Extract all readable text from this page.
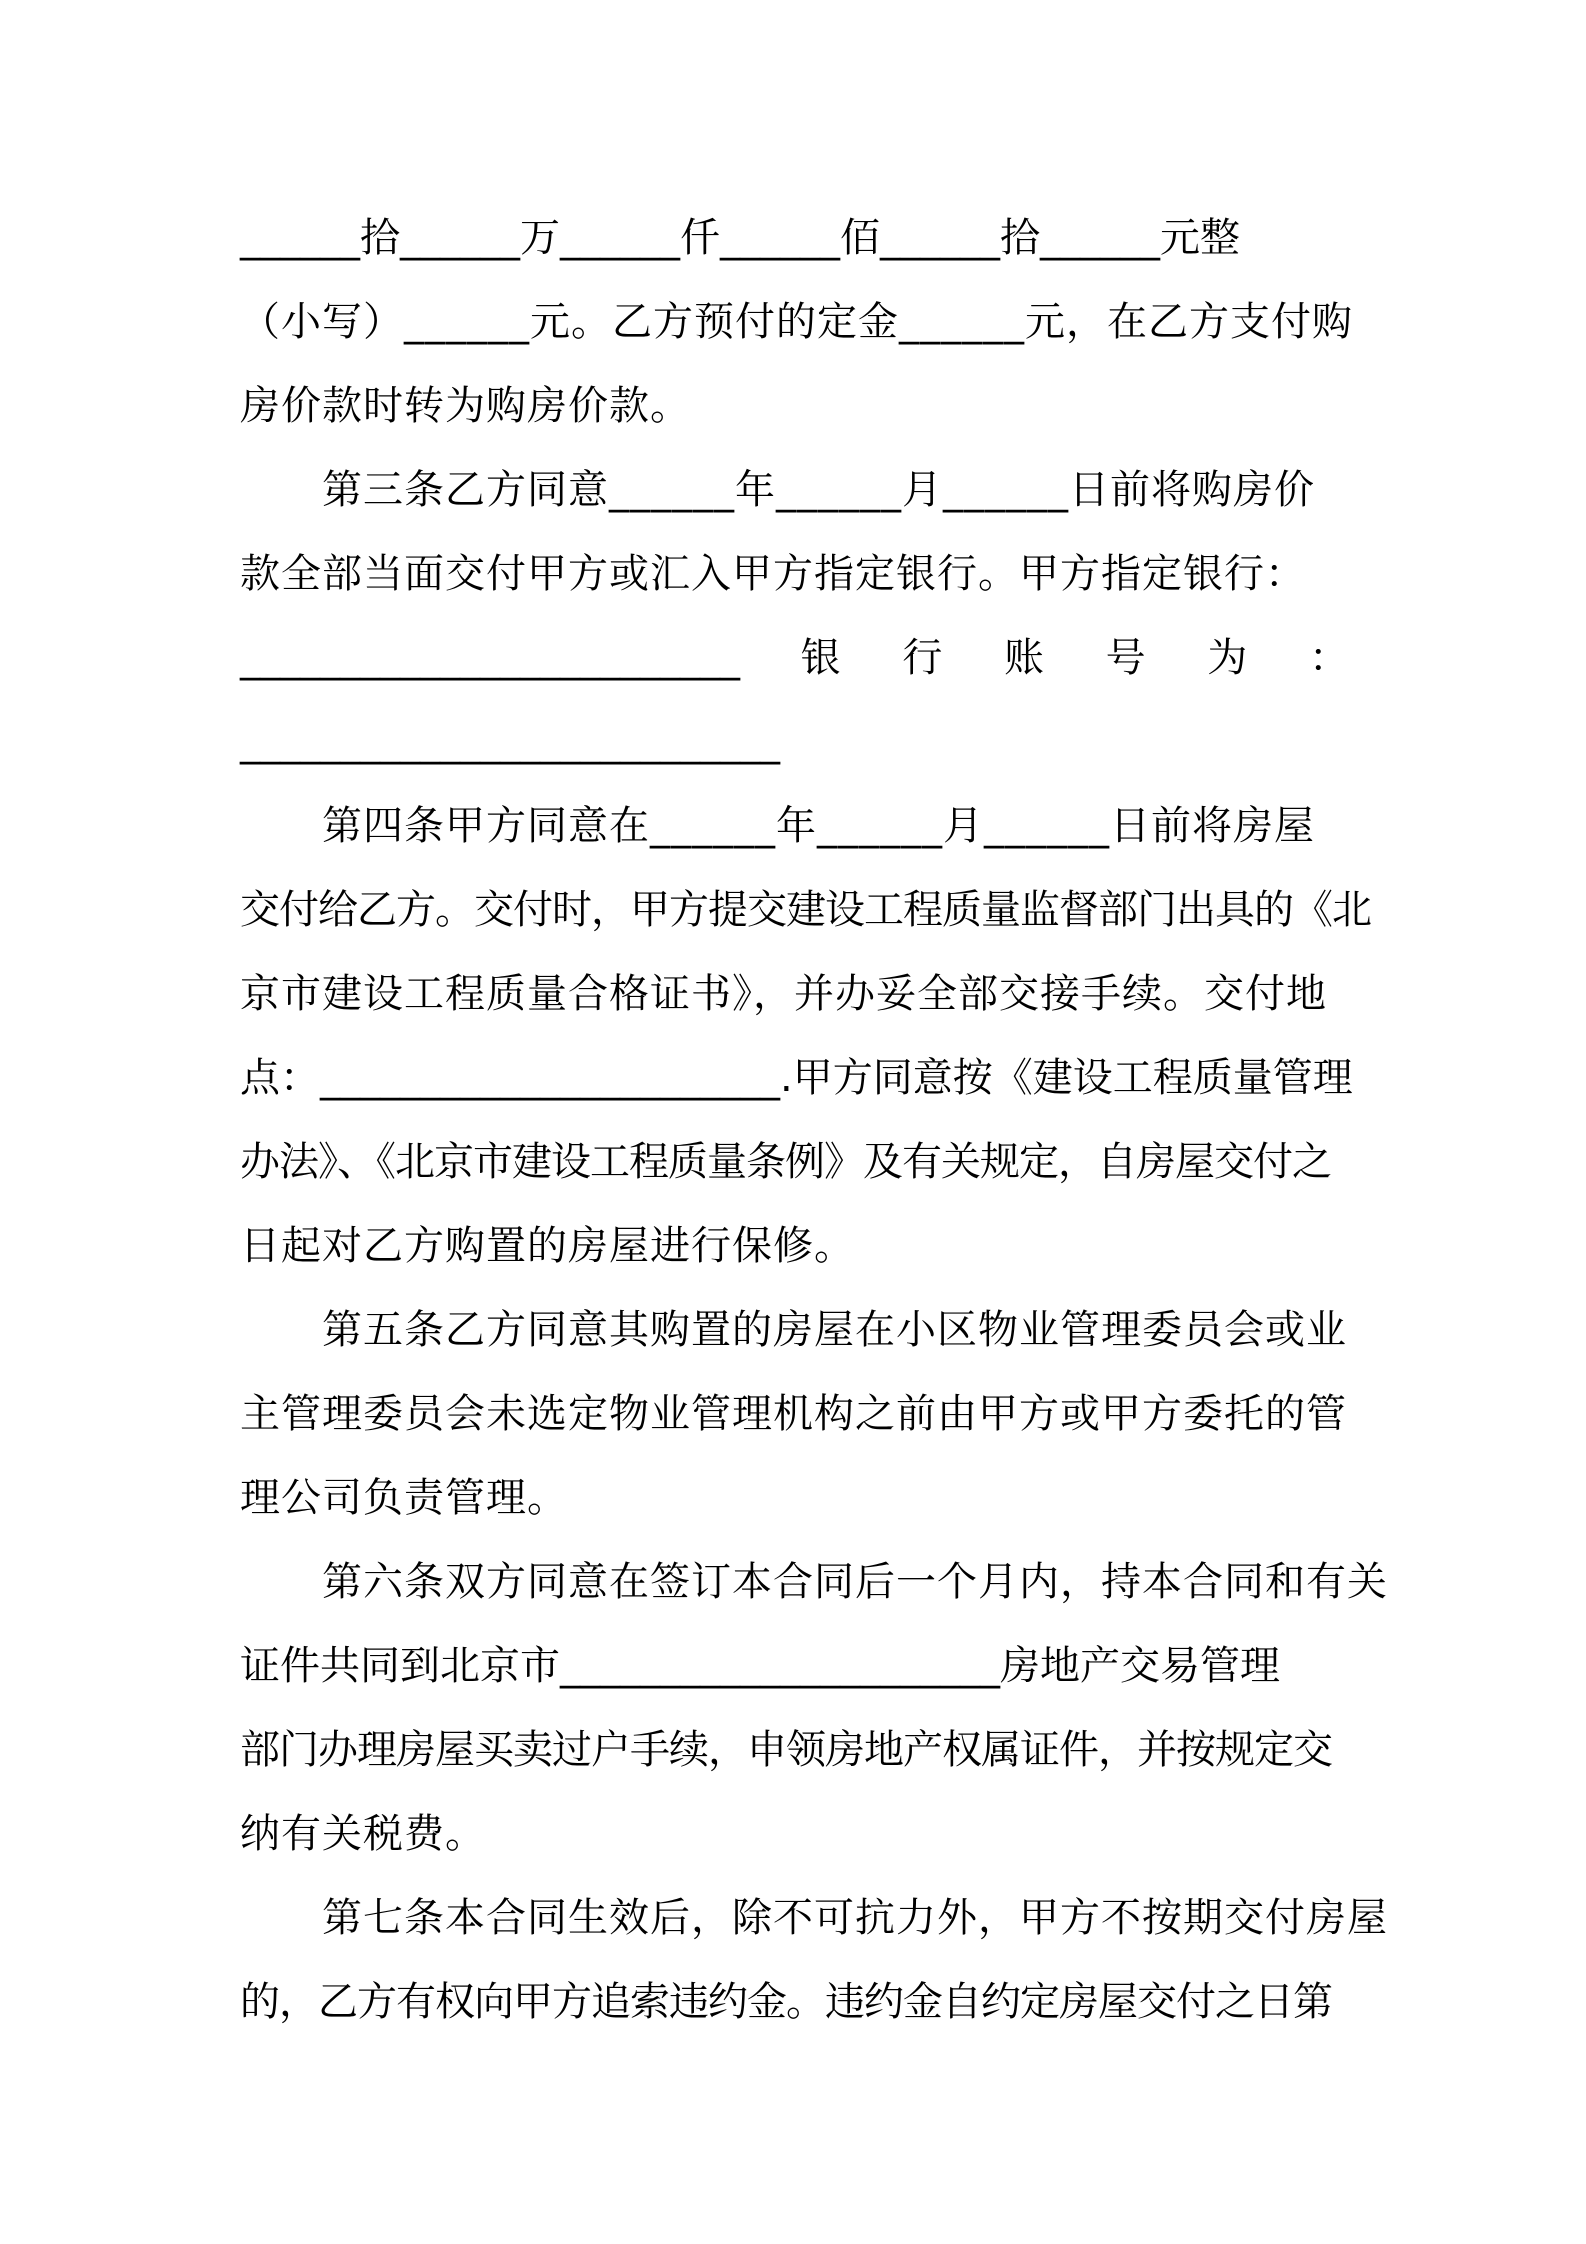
______拾______万______仟______佰______拾______元整
（小写）______元。乙方预付的定金______元，在乙方支付购
房价款时转为购房价款。
第三条乙方同意______年______月______日前将购房价
款全部当面交付甲方或汇入甲方指定银行。甲方指定银行：
_________________________ 银 行 账 号 为 ：
___________________________
第四条甲方同意在______年______月______日前将房屋
交付给乙方。交付时，甲方提交建设工程质量监督部门出具的《北
京市建设工程质量合格证书》，并办妥全部交接手续。交付地
点：_______________________.甲方同意按《建设工程质量管理
办法》、《北京市建设工程质量条例》及有关规定，自房屋交付之
日起对乙方购置的房屋进行保修。
第五条乙方同意其购置的房屋在小区物业管理委员会或业
主管理委员会未选定物业管理机构之前由甲方或甲方委托的管
理公司负责管理。
第六条双方同意在签订本合同后一个月内，持本合同和有关
证件共同到北京市______________________房地产交易管理
部门办理房屋买卖过户手续，申领房地产权属证件，并按规定交
纳有关税费。
第七条本合同生效后，除不可抗力外，甲方不按期交付房屋
的，乙方有权向甲方追索违约金。违约金自约定房屋交付之日第
